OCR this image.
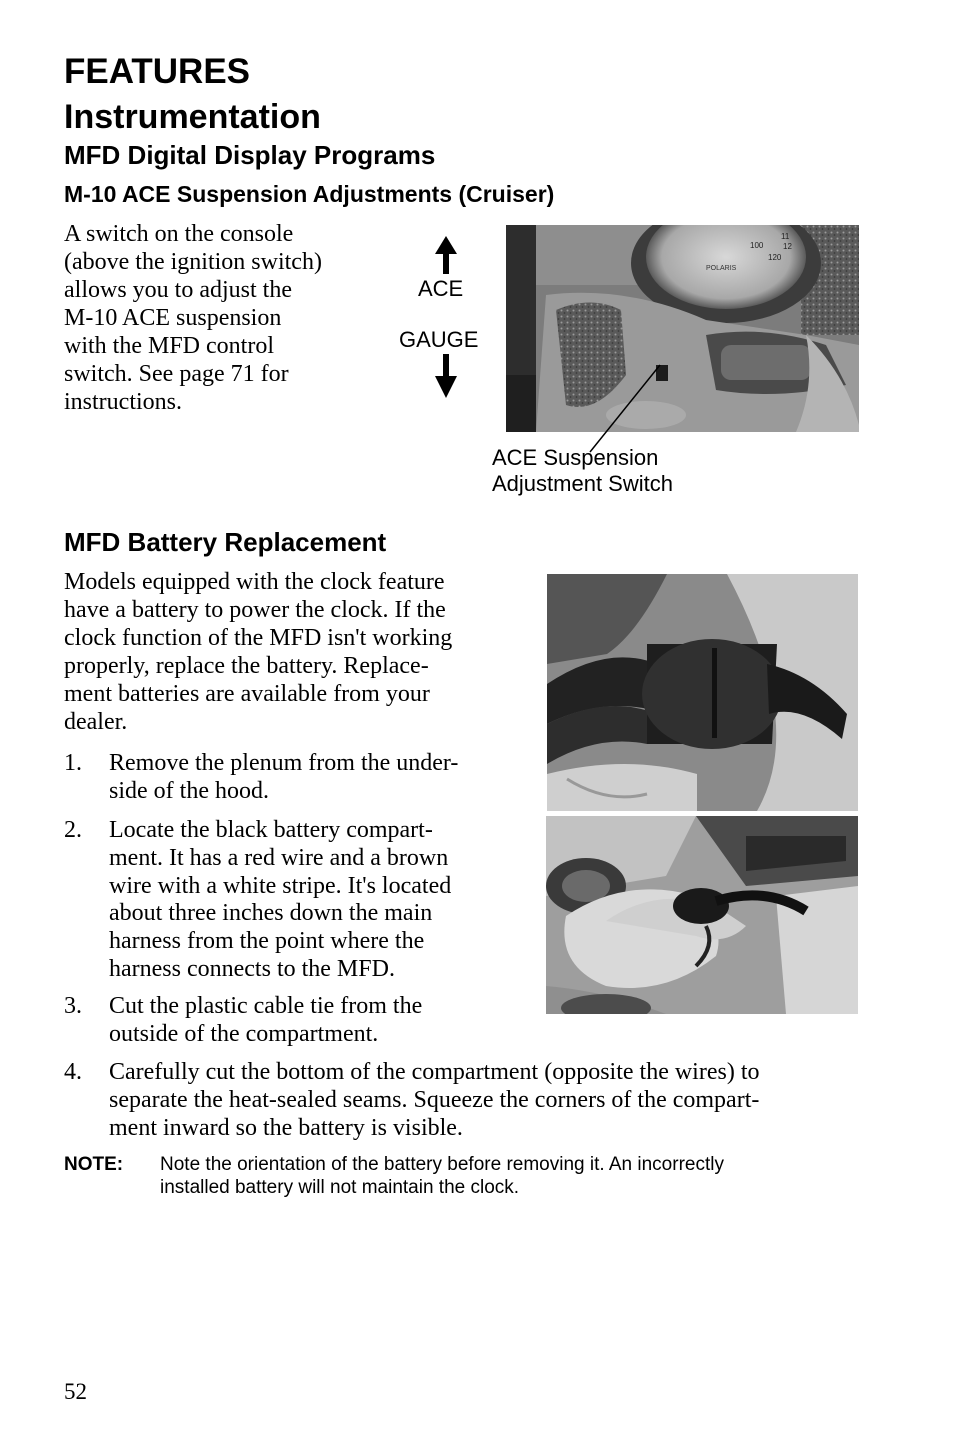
FEATURES
Instrumentation
MFD Digital Display Programs
M-10 ACE Suspension Adjustments (Cruiser)
A switch on the console
(above the ignition switch)
allows you to adjust the
M-10 ACE suspension
with the MFD control
switch. See page 71 for
instructions.
ACE
GAUGE
POLARIS
100
120
11
12
ACE Suspension
Adjustment Switch
MFD Battery Replacement
Models equipped with the clock feature
have a battery to power the clock. If the
clock function of the MFD isn't working
properly, replace the battery. Replace-
ment batteries are available from your
dealer.
1. Remove the plenum from the under-
side of the hood.
2. Locate the black battery compart-
ment. It has a red wire and a brown
wire with a white stripe. It's located
about three inches down the main
harness from the point where the
harness connects to the MFD.
3. Cut the plastic cable tie from the
outside of the compartment.
4. Carefully cut the bottom of the compartment (opposite the wires) to
separate the heat-sealed seams. Squeeze the corners of the compart-
ment inward so the battery is visible.
NOTE: Note the orientation of the battery before removing it. An incorrectly
installed battery will not maintain the clock.
52
